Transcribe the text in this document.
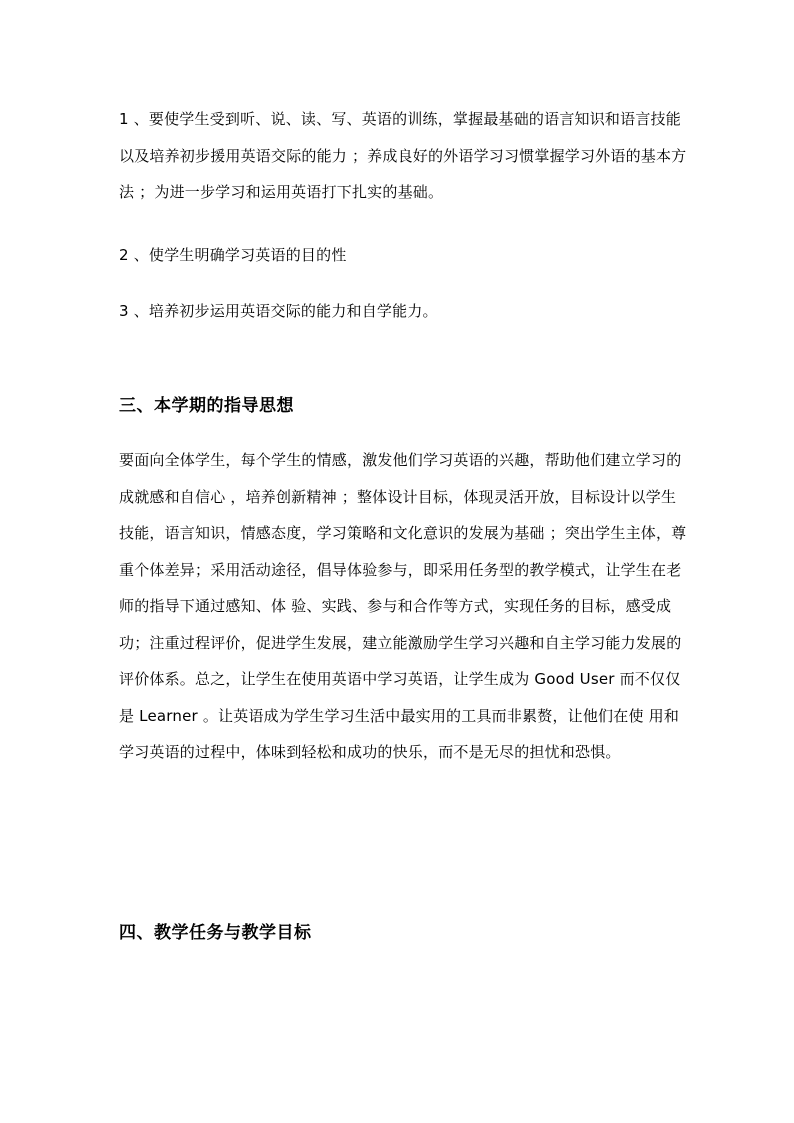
1 、要使学生受到听、说、读、写、英语的训练，掌握最基础的语言知识和语言技能以及培养初步援用英语交际的能力 ；养成良好的外语学习习惯掌握学习外语的基本方法 ；为进一步学习和运用英语打下扎实的基础。

2 、使学生明确学习英语的目的性

3 、培养初步运用英语交际的能力和自学能力。

三、本学期的指导思想

要面向全体学生，每个学生的情感，激发他们学习英语的兴趣，帮助他们建立学习的成就感和自信心 ，培养创新精神 ；整体设计目标，体现灵活开放，目标设计以学生技能，语言知识，情感态度，学习策略和文化意识的发展为基础 ；突出学生主体，尊重个体差异；采用活动途径，倡导体验参与，即采用任务型的教学模式，让学生在老师的指导下通过感知、体 验、实践、参与和合作等方式，实现任务的目标，感受成功；注重过程评价，促进学生发展，建立能激励学生学习兴趣和自主学习能力发展的评价体系。总之，让学生在使用英语中学习英语，让学生成为 Good User 而不仅仅是 Learner 。让英语成为学生学习生活中最实用的工具而非累赘，让他们在使 用和学习英语的过程中，体味到轻松和成功的快乐，而不是无尽的担忧和恐惧。

四、教学任务与教学目标
